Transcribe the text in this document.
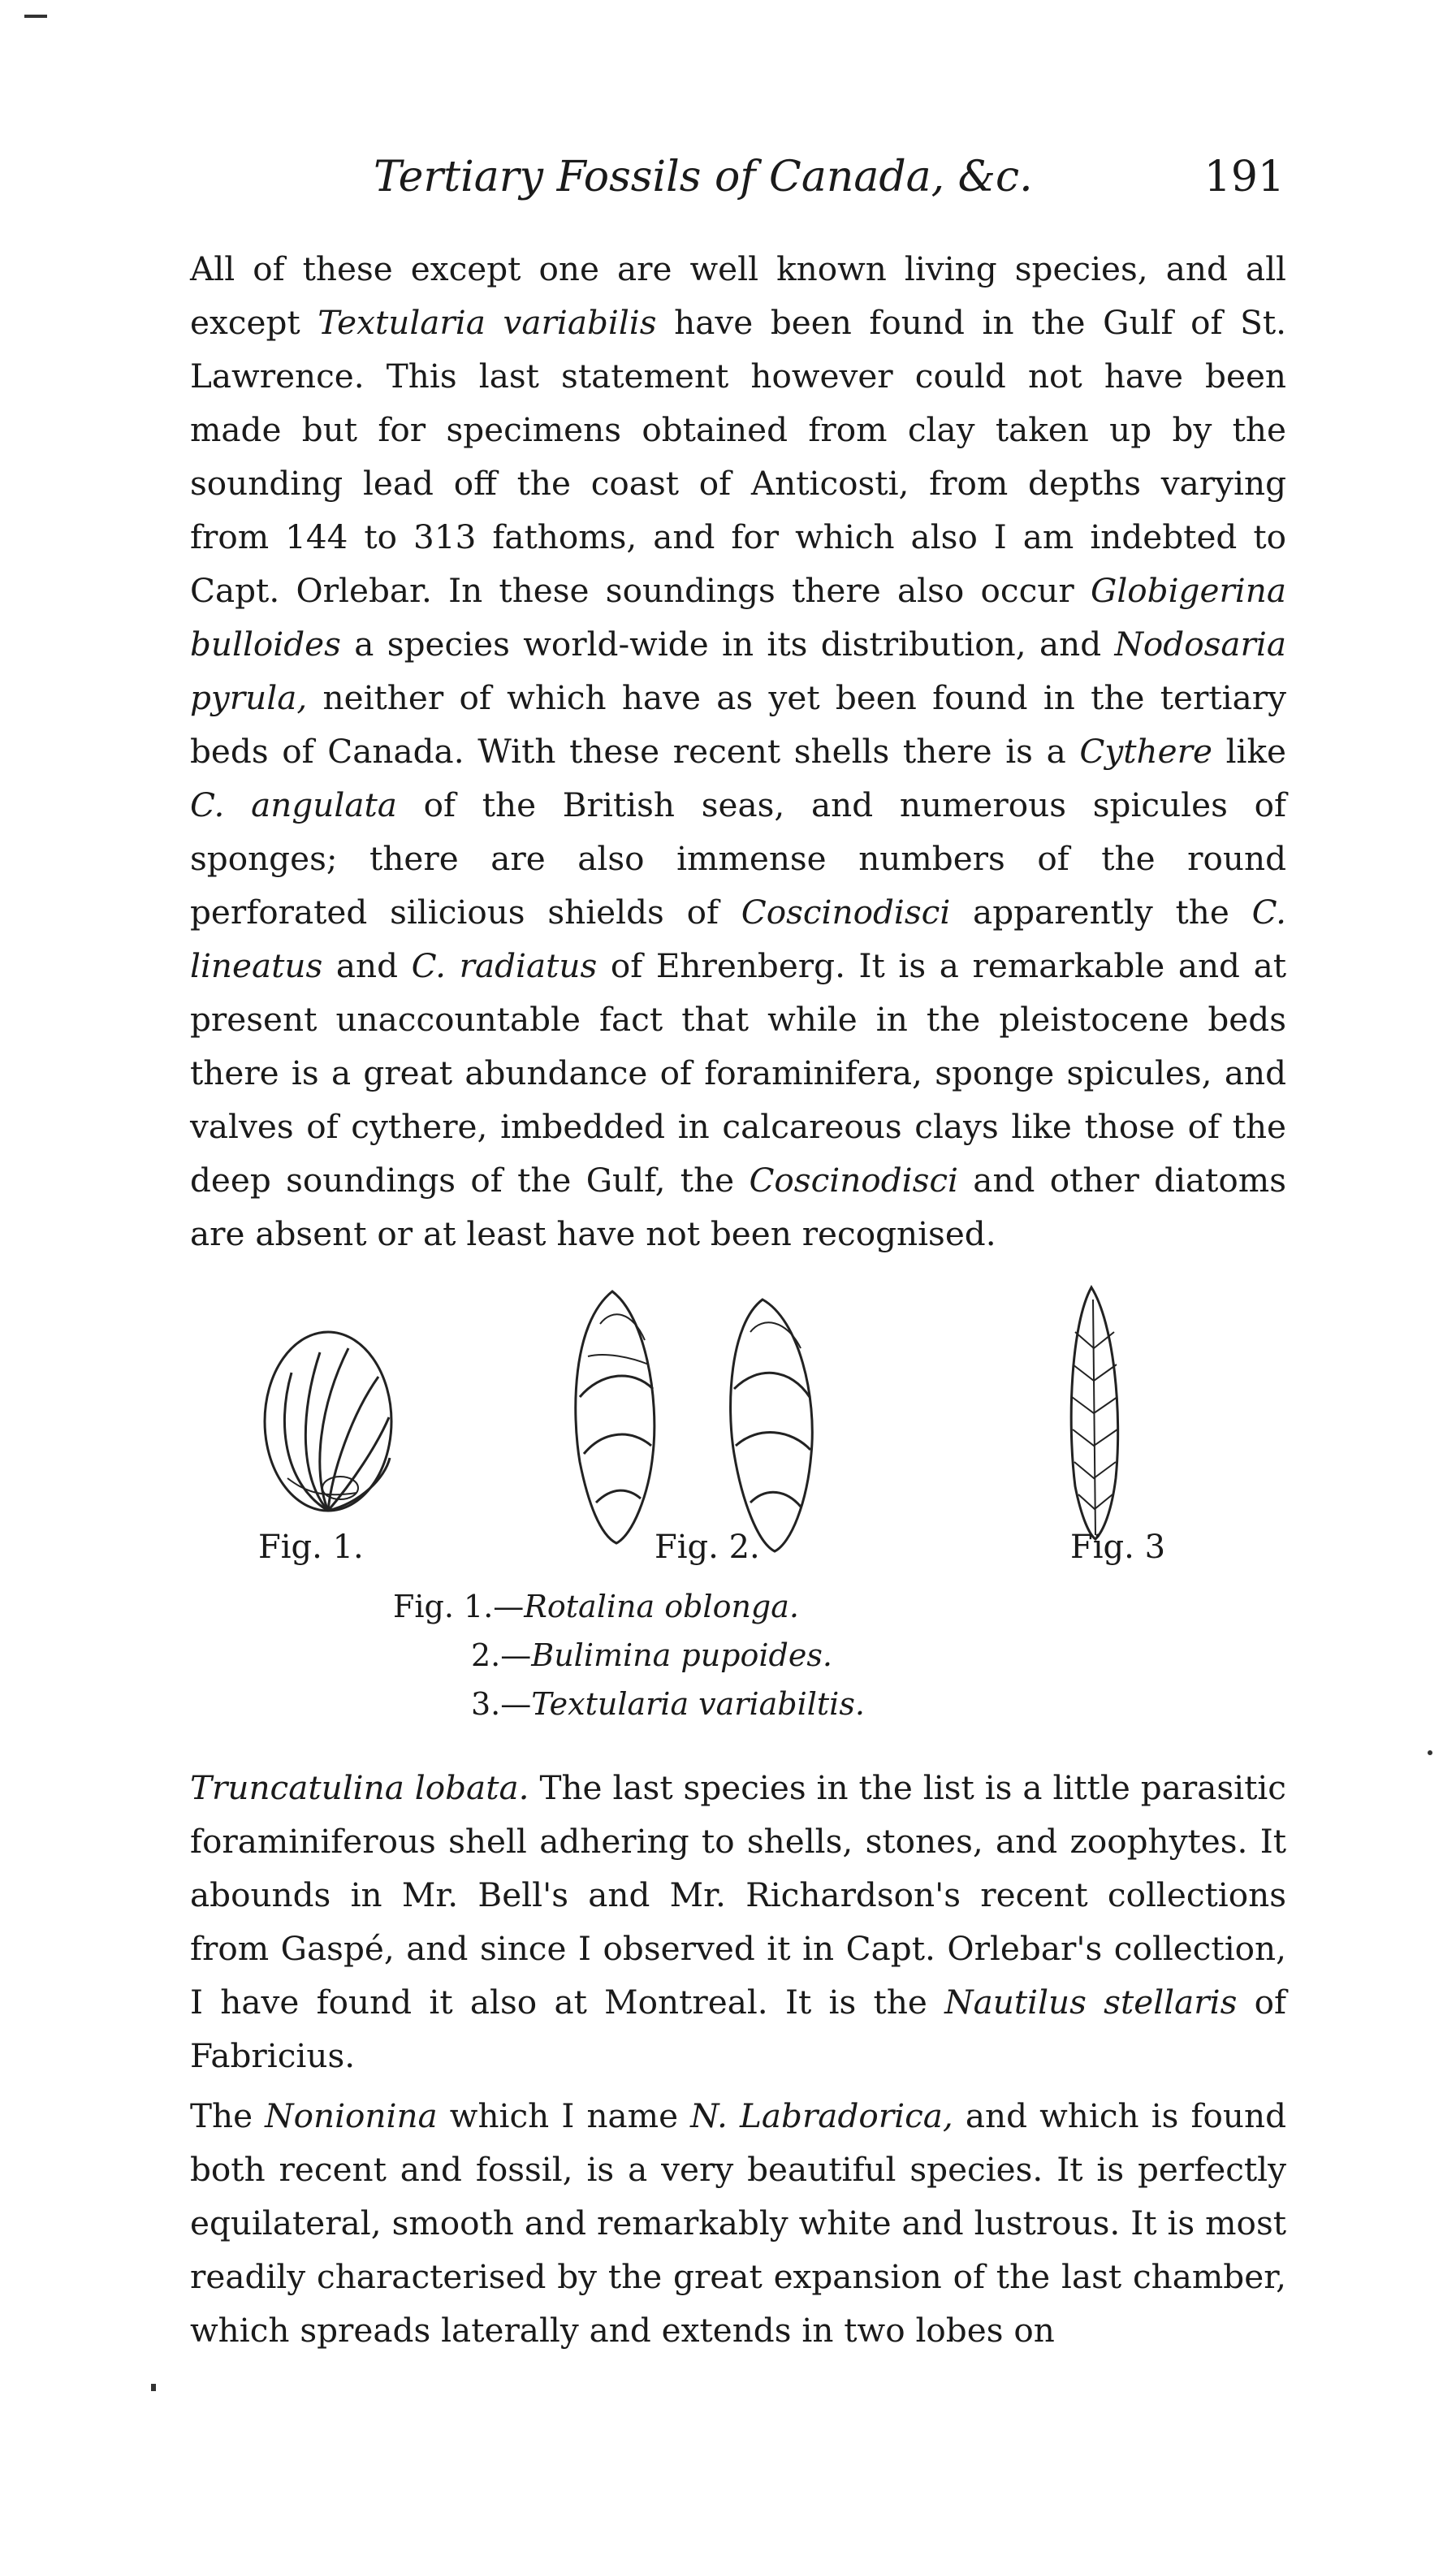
Tertiary Fossils of Canada, &c.	191

All of these except one are well known living species, and all except Textularia variabilis have been found in the Gulf of St. Lawrence. This last statement however could not have been made but for specimens obtained from clay taken up by the sounding lead off the coast of Anticosti, from depths varying from 144 to 313 fathoms, and for which also I am indebted to Capt. Orlebar. In these soundings there also occur Globigerina bulloides a species world-wide in its distribution, and Nodosaria pyrula, neither of which have as yet been found in the tertiary beds of Canada. With these recent shells there is a Cythere like C. angulata of the British seas, and numerous spicules of sponges; there are also immense numbers of the round perforated silicious shields of Coscinodisci apparently the C. lineatus and C. radiatus of Ehrenberg. It is a remarkable and at present unaccountable fact that while in the pleistocene beds there is a great abundance of foraminifera, sponge spicules, and valves of cythere, imbedded in calcareous clays like those of the deep soundings of the Gulf, the Coscinodisci and other diatoms are absent or at least have not been recognised.

Fig. 1.	Fig. 2.	Fig. 3
Fig. 1.—Rotalina oblonga.
2.—Bulimina pupoides.
3.—Textularia variabiltis.

Truncatulina lobata. The last species in the list is a little parasitic foraminiferous shell adhering to shells, stones, and zoophytes. It abounds in Mr. Bell's and Mr. Richardson's recent collections from Gaspé, and since I observed it in Capt. Orlebar's collection, I have found it also at Montreal. It is the Nautilus stellaris of Fabricius.

The Nonionina which I name N. Labradorica, and which is found both recent and fossil, is a very beautiful species. It is perfectly equilateral, smooth and remarkably white and lustrous. It is most readily characterised by the great expansion of the last chamber, which spreads laterally and extends in two lobes on
